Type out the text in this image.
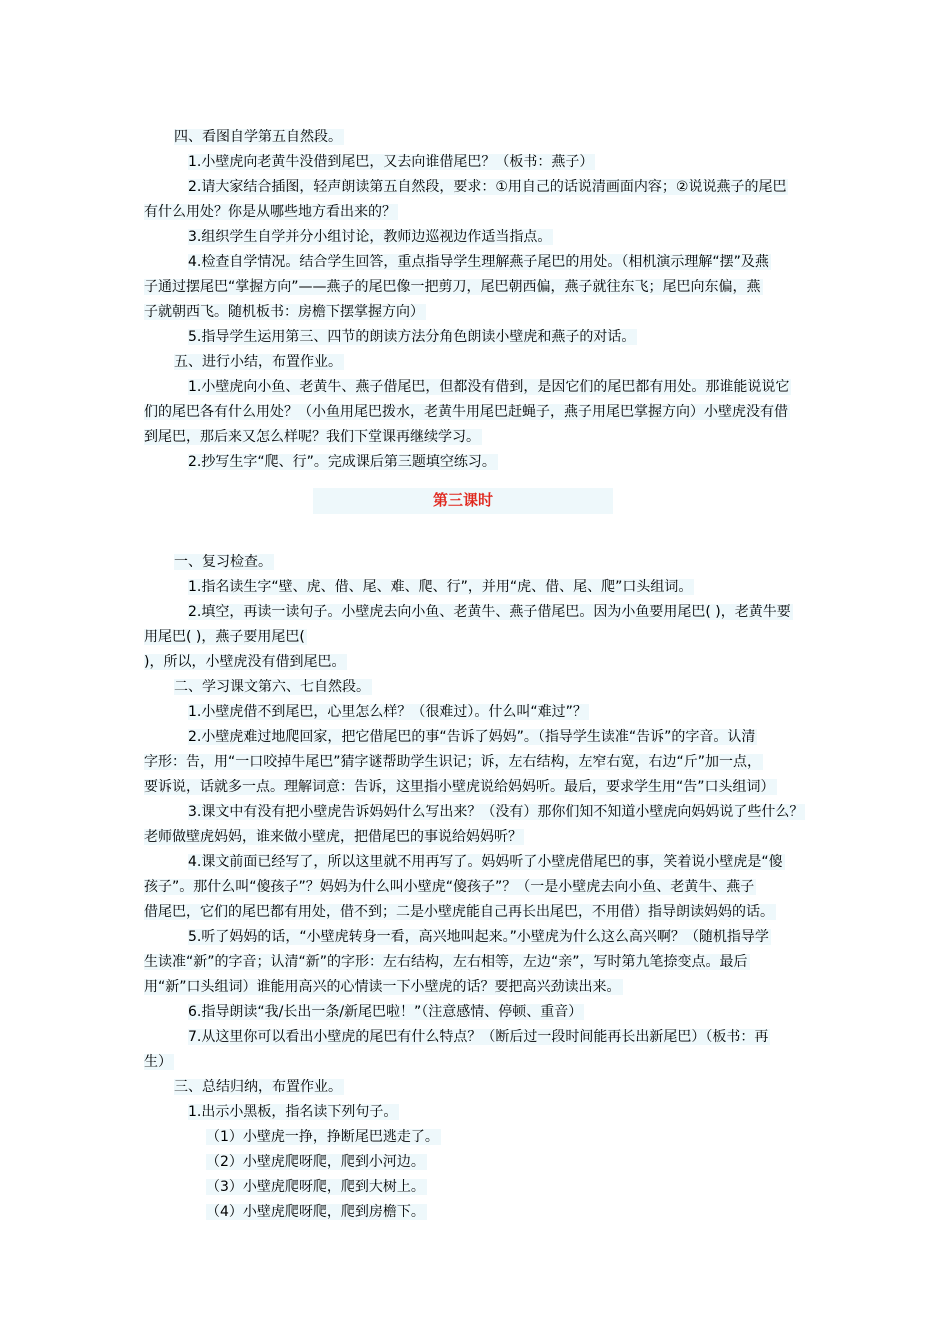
四、看图自学第五自然段。
1.小壁虎向老黄牛没借到尾巴，又去向谁借尾巴？（板书：燕子）
2.请大家结合插图，轻声朗读第五自然段，要求：①用自己的话说清画面内容；②说说燕子的尾巴
有什么用处？你是从哪些地方看出来的？
3.组织学生自学并分小组讨论，教师边巡视边作适当指点。
4.检查自学情况。结合学生回答，重点指导学生理解燕子尾巴的用处。（相机演示理解“摆”及燕
子通过摆尾巴“掌握方向”——燕子的尾巴像一把剪刀，尾巴朝西偏，燕子就往东飞；尾巴向东偏，燕
子就朝西飞。随机板书：房檐下摆掌握方向）
5.指导学生运用第三、四节的朗读方法分角色朗读小壁虎和燕子的对话。
五、进行小结，布置作业。
1.小壁虎向小鱼、老黄牛、燕子借尾巴，但都没有借到，是因它们的尾巴都有用处。那谁能说说它
们的尾巴各有什么用处？（小鱼用尾巴拨水，老黄牛用尾巴赶蝇子，燕子用尾巴掌握方向）小壁虎没有借
到尾巴，那后来又怎么样呢？我们下堂课再继续学习。
2.抄写生字“爬、行”。完成课后第三题填空练习。
第三课时
一、复习检查。
1.指名读生字“壁、虎、借、尾、难、爬、行”，并用“虎、借、尾、爬”口头组词。
2.填空，再读一读句子。小壁虎去向小鱼、老黄牛、燕子借尾巴。因为小鱼要用尾巴( )，老黄牛要
用尾巴( )，燕子要用尾巴(
)，所以，小壁虎没有借到尾巴。
二、学习课文第六、七自然段。
1.小壁虎借不到尾巴，心里怎么样？（很难过）。什么叫“难过”？
2.小壁虎难过地爬回家，把它借尾巴的事“告诉了妈妈”。（指导学生读准“告诉”的字音。认清
字形：告，用“一口咬掉牛尾巴”猜字谜帮助学生识记；诉，左右结构，左窄右宽，右边“斤”加一点，
要诉说，话就多一点。理解词意：告诉，这里指小壁虎说给妈妈听。最后，要求学生用“告”口头组词）
3.课文中有没有把小壁虎告诉妈妈什么写出来？（没有）那你们知不知道小壁虎向妈妈说了些什么？
老师做壁虎妈妈，谁来做小壁虎，把借尾巴的事说给妈妈听？
4.课文前面已经写了，所以这里就不用再写了。妈妈听了小壁虎借尾巴的事，笑着说小壁虎是“傻
孩子”。那什么叫“傻孩子”？妈妈为什么叫小壁虎“傻孩子”？（一是小壁虎去向小鱼、老黄牛、燕子
借尾巴，它们的尾巴都有用处，借不到；二是小壁虎能自己再长出尾巴，不用借）指导朗读妈妈的话。
5.听了妈妈的话，“小壁虎转身一看，高兴地叫起来。”小壁虎为什么这么高兴啊？（随机指导学
生读准“新”的字音；认清“新”的字形：左右结构，左右相等，左边“亲”，写时第九笔捺变点。最后
用“新”口头组词）谁能用高兴的心情读一下小壁虎的话？要把高兴劲读出来。
6.指导朗读“我/长出一条/新尾巴啦！”（注意感情、停顿、重音）
7.从这里你可以看出小壁虎的尾巴有什么特点？（断后过一段时间能再长出新尾巴）（板书：再
生）
三、总结归纳，布置作业。
1.出示小黑板，指名读下列句子。
（1）小壁虎一挣，挣断尾巴逃走了。
（2）小壁虎爬呀爬，爬到小河边。
（3）小壁虎爬呀爬，爬到大树上。
（4）小壁虎爬呀爬，爬到房檐下。
